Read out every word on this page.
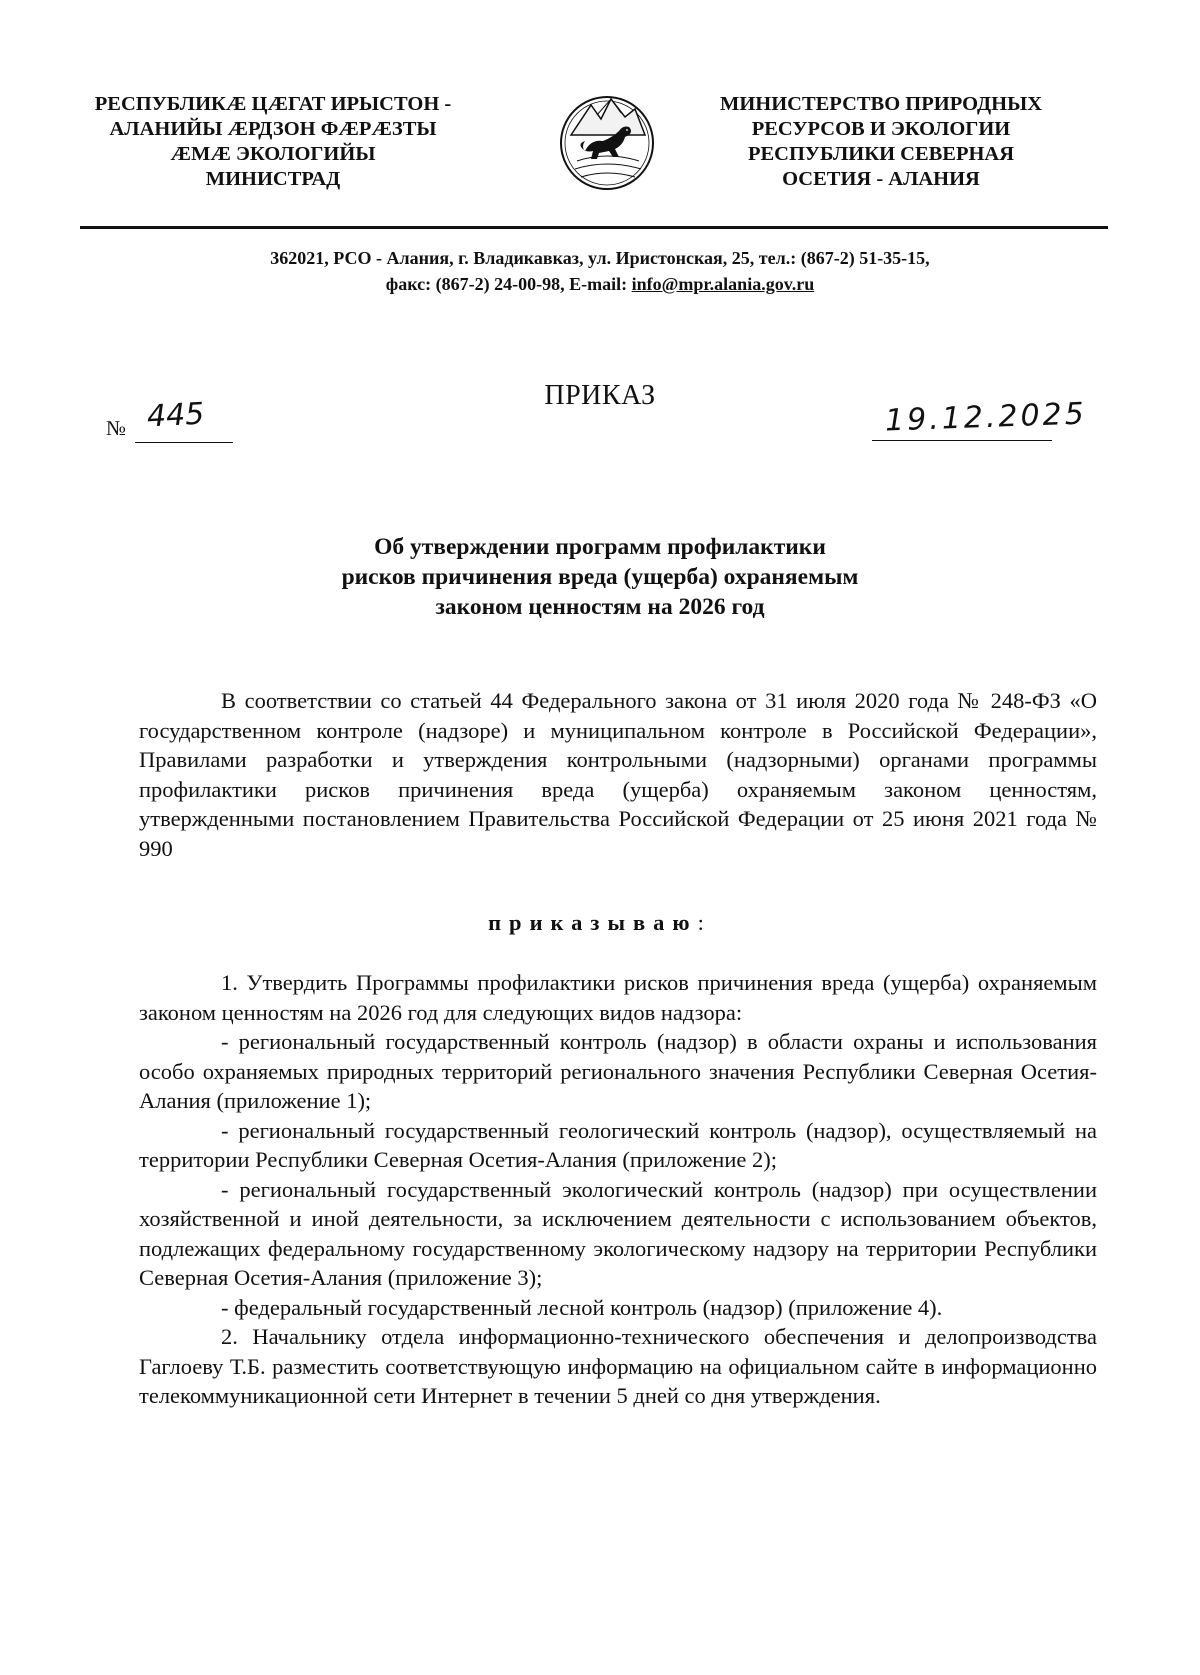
РЕСПУБЛИКÆ ЦÆГАТ ИРЫСТОН -
АЛАНИЙЫ ÆРДЗОН ФÆРÆЗТЫ
ÆМÆ ЭКОЛОГИЙЫ
МИНИСТРАД
МИНИСТЕРСТВО ПРИРОДНЫХ
РЕСУРСОВ И ЭКОЛОГИИ
РЕСПУБЛИКИ СЕВЕРНАЯ
ОСЕТИЯ - АЛАНИЯ
362021, РСО - Алания, г. Владикавказ, ул. Иристонская, 25, тел.: (867-2) 51-35-15,
факс: (867-2) 24-00-98, E-mail: info@mpr.alania.gov.ru
ПРИКАЗ
№ 445	19.12.2025
Об утверждении программ профилактики
рисков причинения вреда (ущерба) охраняемым
законом ценностям на 2026 год

В соответствии со статьей 44 Федерального закона от 31 июля 2020 года № 248-ФЗ «О государственном контроле (надзоре) и муниципальном контроле в Российской Федерации», Правилами разработки и утверждения контрольными (надзорными) органами программы профилактики рисков причинения вреда (ущерба) охраняемым законом ценностям, утвержденными постановлением Правительства Российской Федерации от 25 июня 2021 года № 990

приказываю:

1. Утвердить Программы профилактики рисков причинения вреда (ущерба) охраняемым законом ценностям на 2026 год для следующих видов надзора:

- региональный государственный контроль (надзор) в области охраны и использования особо охраняемых природных территорий регионального значения Республики Северная Осетия-Алания (приложение 1);

- региональный государственный геологический контроль (надзор), осуществляемый на территории Республики Северная Осетия-Алания (приложение 2);

- региональный государственный экологический контроль (надзор) при осуществлении хозяйственной и иной деятельности, за исключением деятельности с использованием объектов, подлежащих федеральному государственному экологическому надзору на территории Республики Северная Осетия-Алания (приложение 3);

- федеральный государственный лесной контроль (надзор) (приложение 4).

2. Начальнику отдела информационно-технического обеспечения и делопроизводства Гаглоеву Т.Б. разместить соответствующую информацию на официальном сайте в информационно телекоммуникационной сети Интернет в течении 5 дней со дня утверждения.
